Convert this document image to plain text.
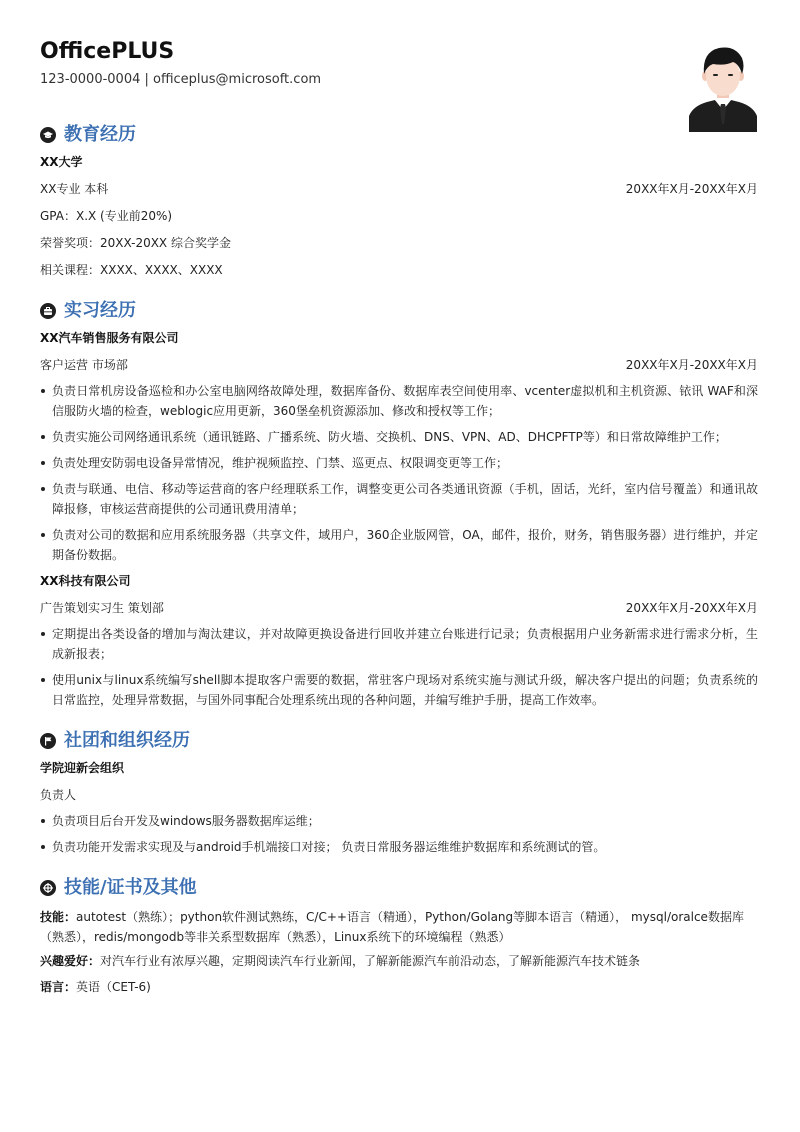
OfficePLUS
123-0000-0004 | officeplus@microsoft.com
教育经历
XX大学
XX专业 本科	20XX年X月-20XX年X月
GPA：X.X (专业前20%)
荣誉奖项：20XX-20XX 综合奖学金
相关课程：XXXX、XXXX、XXXX
实习经历
XX汽车销售服务有限公司
客户运营 市场部	20XX年X月-20XX年X月
负责日常机房设备巡检和办公室电脑网络故障处理，数据库备份、数据库表空间使用率、vcenter虚拟机和主机资源、铱讯 WAF和深信服防火墙的检查，weblogic应用更新，360堡垒机资源添加、修改和授权等工作；
负责实施公司网络通讯系统（通讯链路、广播系统、防火墙、交换机、DNS、VPN、AD、DHCPFTP等）和日常故障维护工作；
负责处理安防弱电设备异常情况，维护视频监控、门禁、巡更点、权限调变更等工作；
负责与联通、电信、移动等运营商的客户经理联系工作，调整变更公司各类通讯资源（手机，固话，光纤，室内信号覆盖）和通讯故障报修，审核运营商提供的公司通讯费用清单；
负责对公司的数据和应用系统服务器（共享文件，域用户，360企业版网管，OA，邮件，报价，财务，销售服务器）进行维护，并定期备份数据。
XX科技有限公司
广告策划实习生 策划部	20XX年X月-20XX年X月
定期提出各类设备的增加与淘汰建议，并对故障更换设备进行回收并建立台账进行记录；负责根据用户业务新需求进行需求分析，生成新报表；
使用unix与linux系统编写shell脚本提取客户需要的数据，常驻客户现场对系统实施与测试升级，解决客户提出的问题；负责系统的日常监控，处理异常数据，与国外同事配合处理系统出现的各种问题，并编写维护手册，提高工作效率。
社团和组织经历
学院迎新会组织
负责人
负责项目后台开发及windows服务器数据库运维；
负责功能开发需求实现及与android手机端接口对接； 负责日常服务器运维维护数据库和系统测试的管。
技能/证书及其他
技能：autotest（熟练）；python软件测试熟练，C/C++语言（精通），Python/Golang等脚本语言（精通）， mysql/oralce数据库（熟悉），redis/mongodb等非关系型数据库（熟悉），Linux系统下的环境编程（熟悉）
兴趣爱好：对汽车行业有浓厚兴趣，定期阅读汽车行业新闻，了解新能源汽车前沿动态，了解新能源汽车技术链条
语言：英语（CET-6)
